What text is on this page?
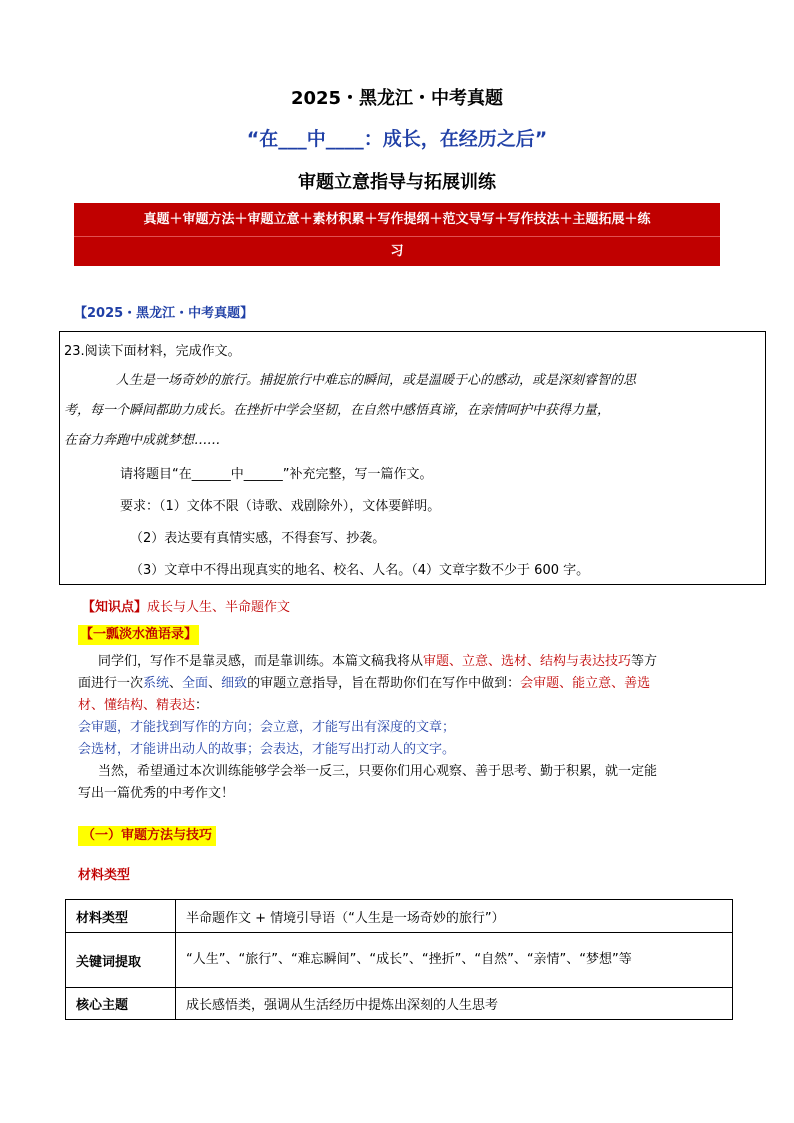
2025・黑龙江・中考真题
“在___中____：成长，在经历之后”
审题立意指导与拓展训练
真题＋审题方法＋审题立意＋素材积累＋写作提纲＋范文导写＋写作技法＋主题拓展＋练
习
【2025・黑龙江・中考真题】
23.阅读下面材料，完成作文。
人生是一场奇妙的旅行。捕捉旅行中难忘的瞬间，或是温暖于心的感动，或是深刻睿智的思
考，每一个瞬间都助力成长。在挫折中学会坚韧，在自然中感悟真谛，在亲情呵护中获得力量，
在奋力奔跑中成就梦想……
请将题目“在______中______”补充完整，写一篇作文。
要求：（1）文体不限（诗歌、戏剧除外），文体要鲜明。
（2）表达要有真情实感，不得套写、抄袭。
（3）文章中不得出现真实的地名、校名、人名。（4）文章字数不少于 600 字。
【知识点】成长与人生、半命题作文
【一瓢淡水渔语录】
同学们，写作不是靠灵感，而是靠训练。本篇文稿我将从审题、立意、选材、结构与表达技巧等方
面进行一次系统、全面、细致的审题立意指导，旨在帮助你们在写作中做到：会审题、能立意、善选
材、懂结构、精表达：
会审题，才能找到写作的方向；会立意，才能写出有深度的文章；
会选材，才能讲出动人的故事；会表达，才能写出打动人的文字。
当然，希望通过本次训练能够学会举一反三，只要你们用心观察、善于思考、勤于积累，就一定能
写出一篇优秀的中考作文！
（一）审题方法与技巧
材料类型
材料类型	半命题作文 + 情境引导语（“人生是一场奇妙的旅行”）
关键词提取	“人生”、“旅行”、“难忘瞬间”、“成长”、“挫折”、“自然”、“亲情”、“梦想”等
核心主题	成长感悟类，强调从生活经历中提炼出深刻的人生思考
